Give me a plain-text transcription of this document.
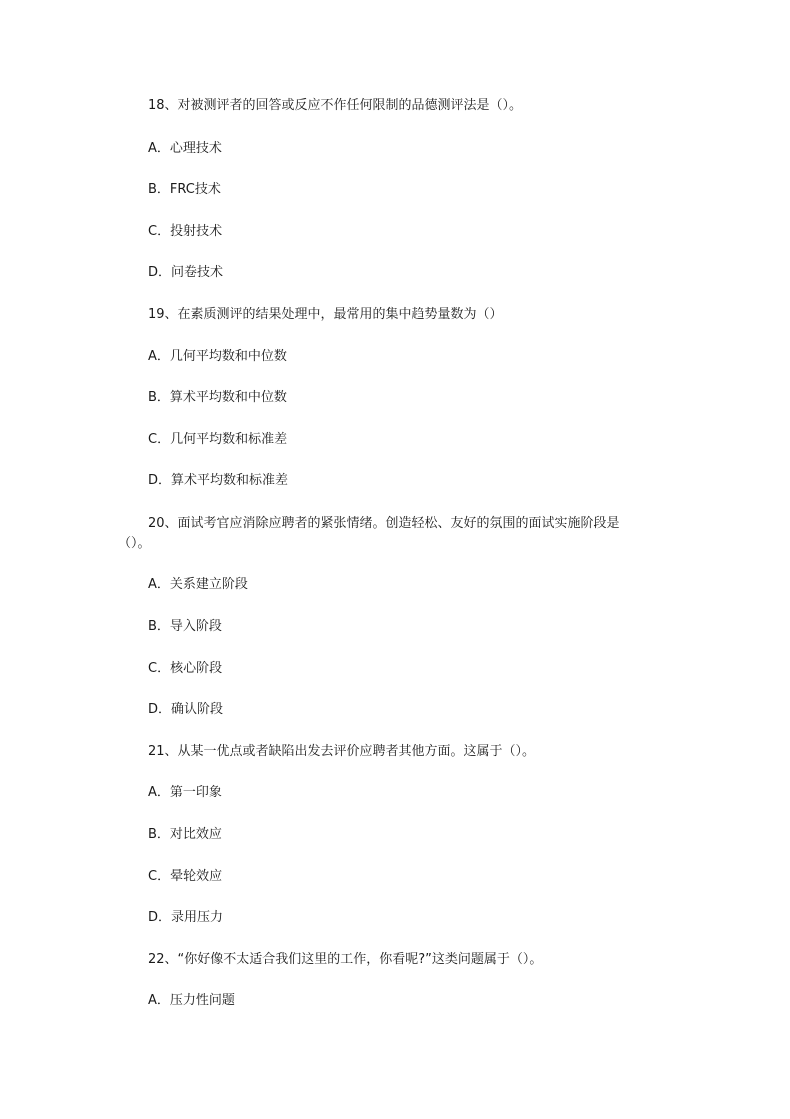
18、对被测评者的回答或反应不作任何限制的品德测评法是（）。
A．心理技术
B．FRC技术
C．投射技术
D．问卷技术
19、在素质测评的结果处理中，最常用的集中趋势量数为（）
A．几何平均数和中位数
B．算术平均数和中位数
C．几何平均数和标准差
D．算术平均数和标准差
20、面试考官应消除应聘者的紧张情绪。创造轻松、友好的氛围的面试实施阶段是
（）。
A．关系建立阶段
B．导入阶段
C．核心阶段
D．确认阶段
21、从某一优点或者缺陷出发去评价应聘者其他方面。这属于（）。
A．第一印象
B．对比效应
C．晕轮效应
D．录用压力
22、“你好像不太适合我们这里的工作，你看呢?”这类问题属于（）。
A．压力性问题
